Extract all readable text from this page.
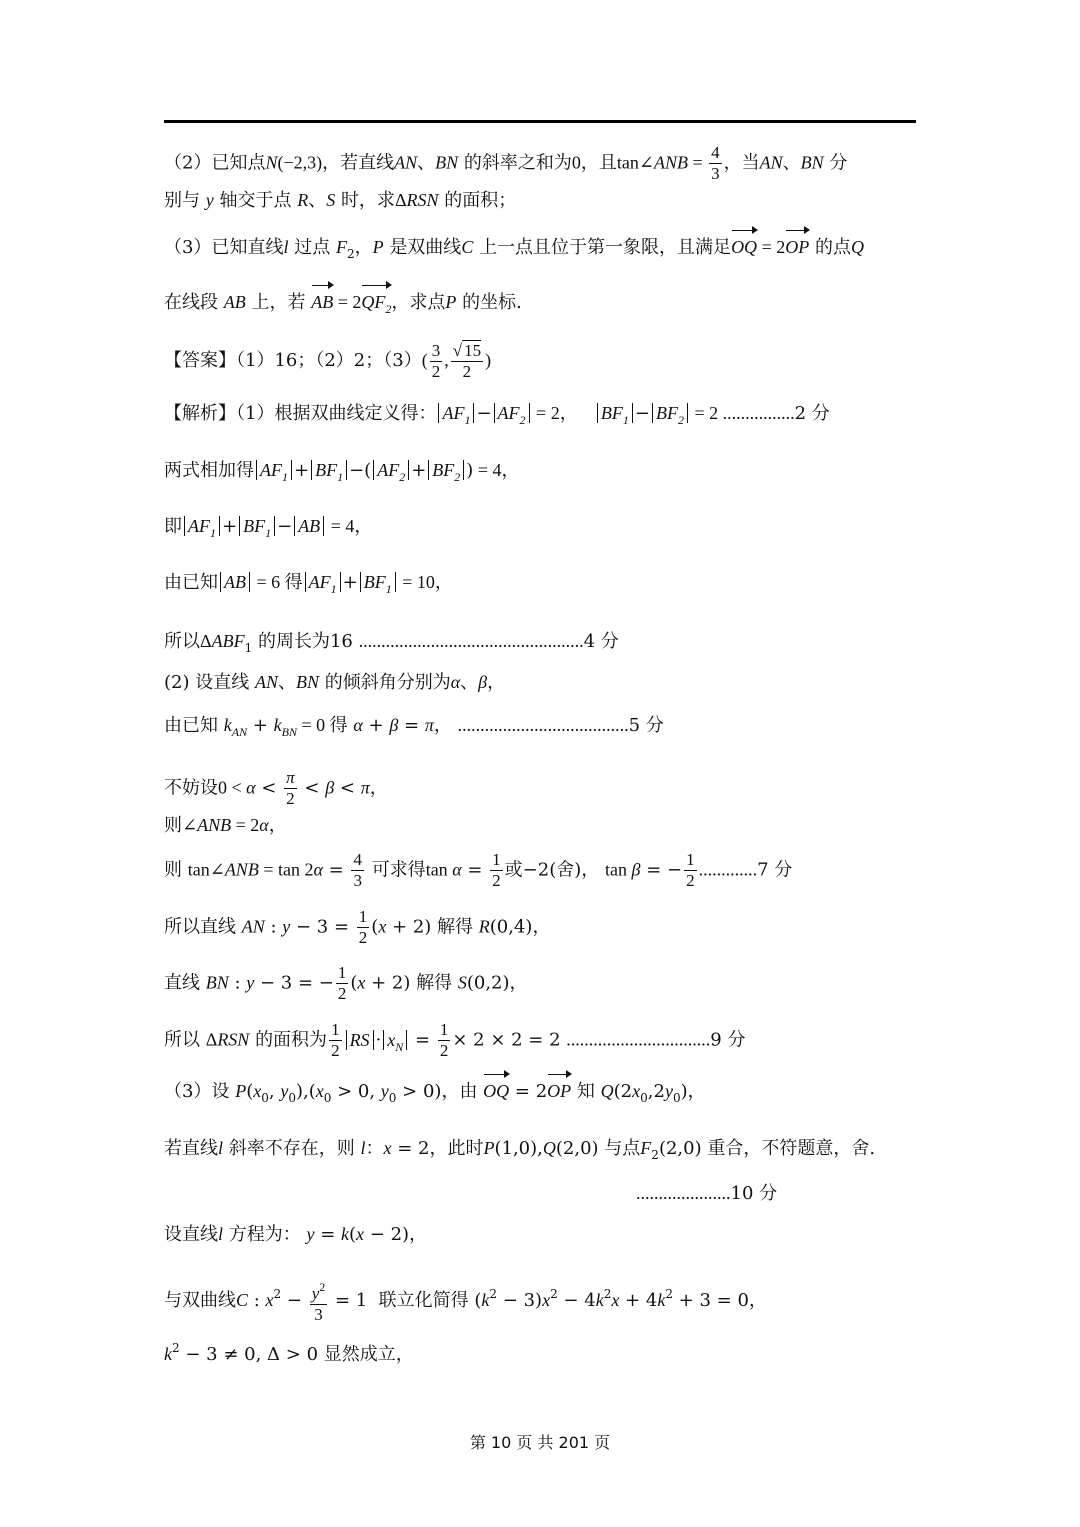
（2）已知点N(−2,3)，若直线AN、BN 的斜率之和为0，且tan∠ANB = $\frac{4}{3}$ ，当AN、BN 分
别与 y 轴交于点 R、S 时，求ΔRSN 的面积；
（3）已知直线l 过点 $F_2$，P 是双曲线C 上一点且位于第一象限，且满足OQ = 2OP 的点Q
在线段 AB 上，若 AB = $2QF_2$，求点P 的坐标.
【答案】（1）16；（2）2；$(3)( \frac{3}{2}$ , $\frac{√ 15}{2}$ )
【解析】（1）根据双曲线定义得： $AF_1 - AF_2 = 2$，   $BF_1 - BF_2 = 2$ ................2 分
两式相加得 $AF_1 + BF_1$ −( $AF_2 + BF_2$ ) = 4，
即 $AF_1 + BF_1$ − AB = 4，
由已知 AB = 6 得 $AF_1 + BF_1 = 10$，
所以$\Delta ABF_1$ 的周长为16 ..................................................4 分
(2) 设直线 AN、BN 的倾斜角分别为α、β，
由已知 $k_{AN} + k_{BN} = 0$ 得 α + β = π， ......................................5 分
不妨设$0 < \alpha < \frac{\pi}{2} < \beta < \pi$，
则∠ANB = 2α，
则 tan∠ANB = $\tan 2\alpha = \frac{4}{3}$ 可求得$\tan \alpha = \frac{1}{2}$ 或−2(舍)， tan β = − $\frac{1}{2} .............7$ 分
所以直线 AN : $y - 3 = \frac{1}{2} (x + 2)$ 解得 R(0,4)，
直线 BN : y − 3 = − $\frac{1}{2} (x + 2)$ 解得 S(0,2)，
所以 ΔRSN 的面积为 $\frac{1}{2}$ RS · $x_N = \frac{1}{2} \times 2 \times 2 = 2$ ................................9 分
（3）设 $P(x_0$, $y_0),(x_0 > 0$, $y_0 > 0$)，由 OQ = 2OP 知 $Q(2x_0,2y_0)$，
若直线l 斜率不存在，则 l：x = 2，此时P(1,0),Q(2,0) 与点$F_2(2,0)$ 重合，不符题意，舍.
.....................10 分
设直线l 方程为： y = k(x − 2)，
与双曲线C : $x^2 - \frac{y^2}{3} = 1$  联立化简得 $(k^2 - 3)x^2 - 4k^2x + 4k^2 + 3 = 0$，
$k^2 - 3 \ne 0$, Δ > 0 显然成立，
第 10 页 共 201 页
